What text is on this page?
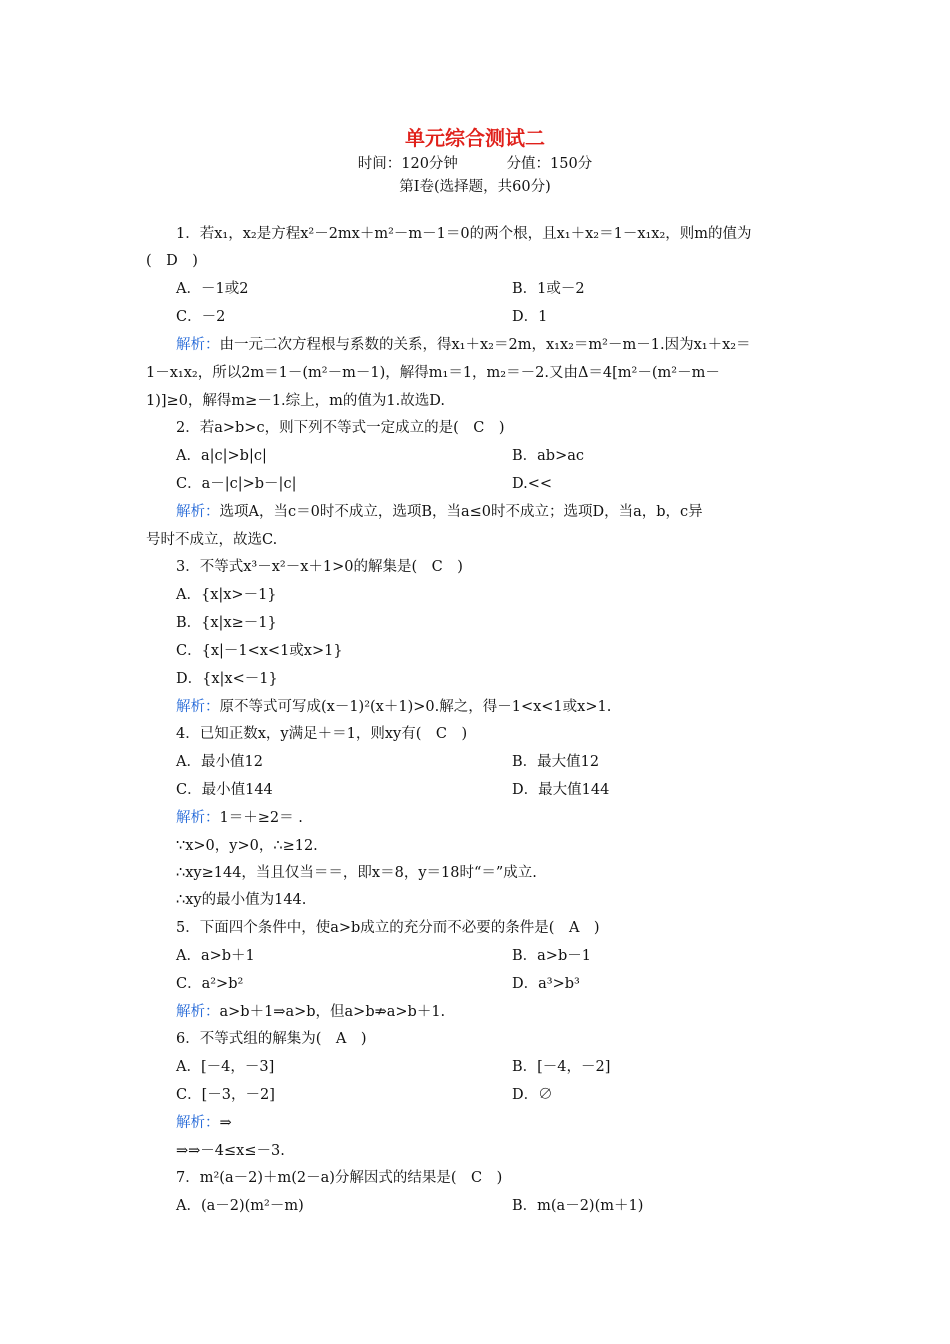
单元综合测试二
时间：120分钟	分值：150分
第Ⅰ卷(选择题，共60分)
1．若x₁，x₂是方程x²－2mx＋m²－m－1＝0的两个根，且x₁＋x₂＝1－x₁x₂，则m的值为
(　D　)
A．－1或2	B．1或－2
C．－2	D．1
解析：由一元二次方程根与系数的关系，得x₁＋x₂＝2m，x₁x₂＝m²－m－1.因为x₁＋x₂＝
1－x₁x₂，所以2m＝1－(m²－m－1)，解得m₁＝1，m₂＝－2.又由Δ＝4[m²－(m²－m－
1)]≥0，解得m≥－1.综上，m的值为1.故选D.
2．若a>b>c，则下列不等式一定成立的是(　C　)
A．a|c|>b|c|	B．ab>ac
C．a－|c|>b－|c|	D.<<
解析：选项A，当c＝0时不成立，选项B，当a≤0时不成立；选项D，当a，b，c异
号时不成立，故选C.
3．不等式x³－x²－x＋1>0的解集是(　C　)
A．{x|x>－1}
B．{x|x≥－1}
C．{x|－1<x<1或x>1}
D．{x|x<－1}
解析：原不等式可写成(x－1)²(x＋1)>0.解之，得－1<x<1或x>1.
4．已知正数x，y满足＋＝1，则xy有(　C　)
A．最小值12	B．最大值12
C．最小值144	D．最大值144
解析：1＝＋≥2＝ .
∵x>0，y>0，∴≥12.
∴xy≥144，当且仅当＝＝，即x＝8，y＝18时“＝”成立.
∴xy的最小值为144.
5．下面四个条件中，使a>b成立的充分而不必要的条件是(　A　)
A．a>b＋1	B．a>b－1
C．a²>b²	D．a³>b³
解析：a>b＋1⇒a>b，但a>b⇏a>b＋1.
6．不等式组的解集为(　A　)
A．[－4，－3]	B．[－4，－2]
C．[－3，－2]	D．∅
解析：⇒
⇒⇒－4≤x≤－3.
7．m²(a－2)＋m(2－a)分解因式的结果是(　C　)
A．(a－2)(m²－m)	B．m(a－2)(m＋1)
